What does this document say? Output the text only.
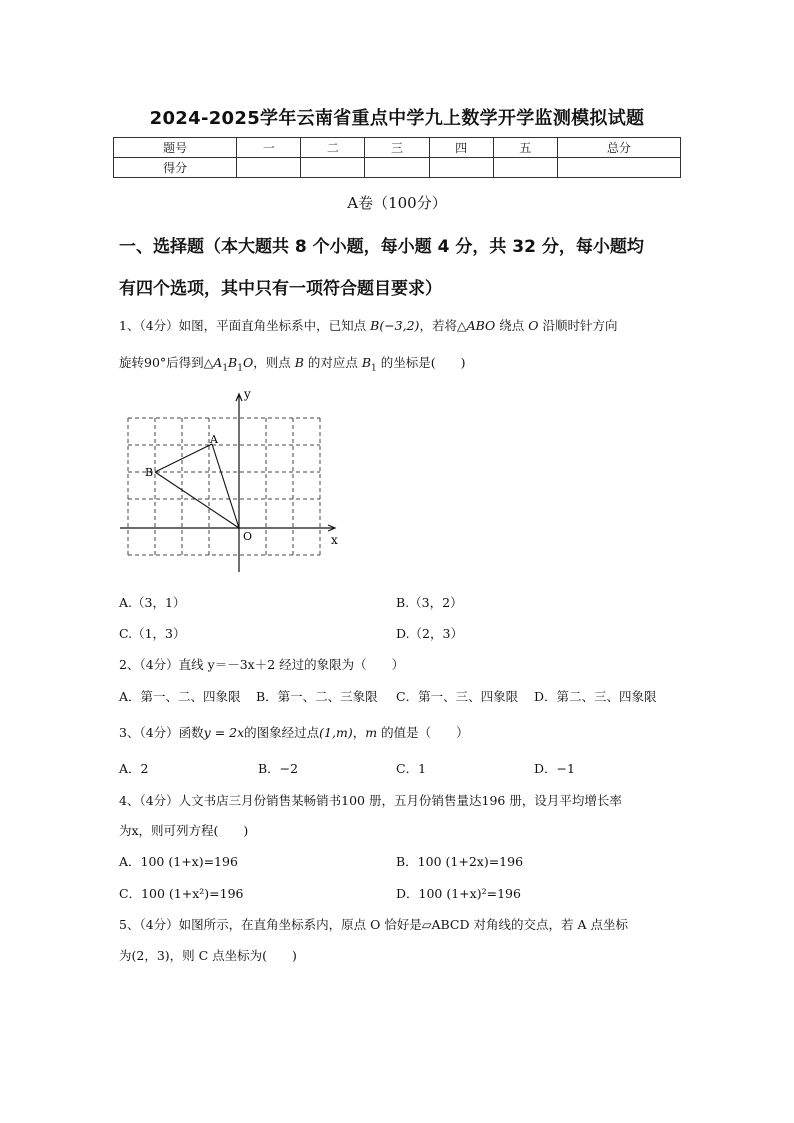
2024-2025学年云南省重点中学九上数学开学监测模拟试题
题号	一	二	三	四	五	总分
得分						
A卷（100分）
一、选择题（本大题共 8 个小题，每小题 4 分，共 32 分，每小题均
有四个选项，其中只有一项符合题目要求）
1、（4分）如图，平面直角坐标系中，已知点 B(−3,2)，若将△ABO 绕点 O 沿顺时针方向
旋转90°后得到$\triangle A_1B_1O$，则点 B 的对应点 $B_1$ 的坐标是(　　)
x
y
O
A
B
A.（3，1）	B.（3，2）
C.（1，3）	D.（2，3）
2、（4分）直线 y＝－3x＋2 经过的象限为（　　）
A．第一、二、四象限 B．第一、二、三象限 C．第一、三、四象限 D．第二、三、四象限
3、（4分）函数y = 2x的图象经过点(1,m)，m 的值是（　　）
A．2	B．−2	C．1	D．−1
4、（4分）人文书店三月份销售某畅销书100 册，五月份销售量达196 册，设月平均增长率
为x，则可列方程(　　)
A．100 (1+x)=196	B．100 (1+2x)=196
C．100 (1+x²)=196	D．100 (1+x)²=196
5、（4分）如图所示，在直角坐标系内，原点 O 恰好是▱ABCD 对角线的交点，若 A 点坐标
为(2，3)，则 C 点坐标为(　　)
